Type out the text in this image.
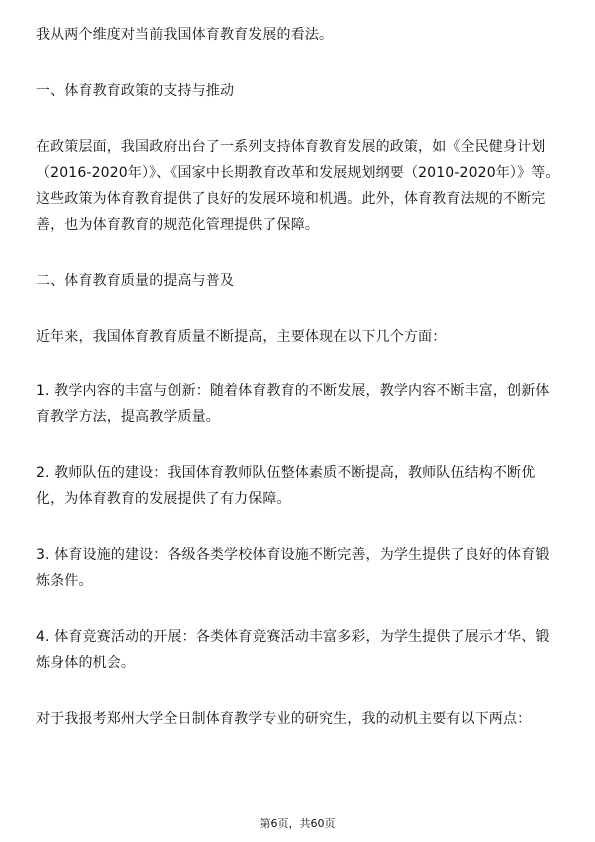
我从两个维度对当前我国体育教育发展的看法。

一、体育教育政策的支持与推动

在政策层面，我国政府出台了一系列支持体育教育发展的政策，如《全民健身计划（2016-2020年）》、《国家中长期教育改革和发展规划纲要（2010-2020年）》等。这些政策为体育教育提供了良好的发展环境和机遇。此外，体育教育法规的不断完善，也为体育教育的规范化管理提供了保障。

二、体育教育质量的提高与普及

近年来，我国体育教育质量不断提高，主要体现在以下几个方面：

1. 教学内容的丰富与创新：随着体育教育的不断发展，教学内容不断丰富，创新体育教学方法，提高教学质量。

2. 教师队伍的建设：我国体育教师队伍整体素质不断提高，教师队伍结构不断优化，为体育教育的发展提供了有力保障。

3. 体育设施的建设：各级各类学校体育设施不断完善，为学生提供了良好的体育锻炼条件。

4. 体育竞赛活动的开展：各类体育竞赛活动丰富多彩，为学生提供了展示才华、锻炼身体的机会。

对于我报考郑州大学全日制体育教学专业的研究生，我的动机主要有以下两点：

第6页，共60页
